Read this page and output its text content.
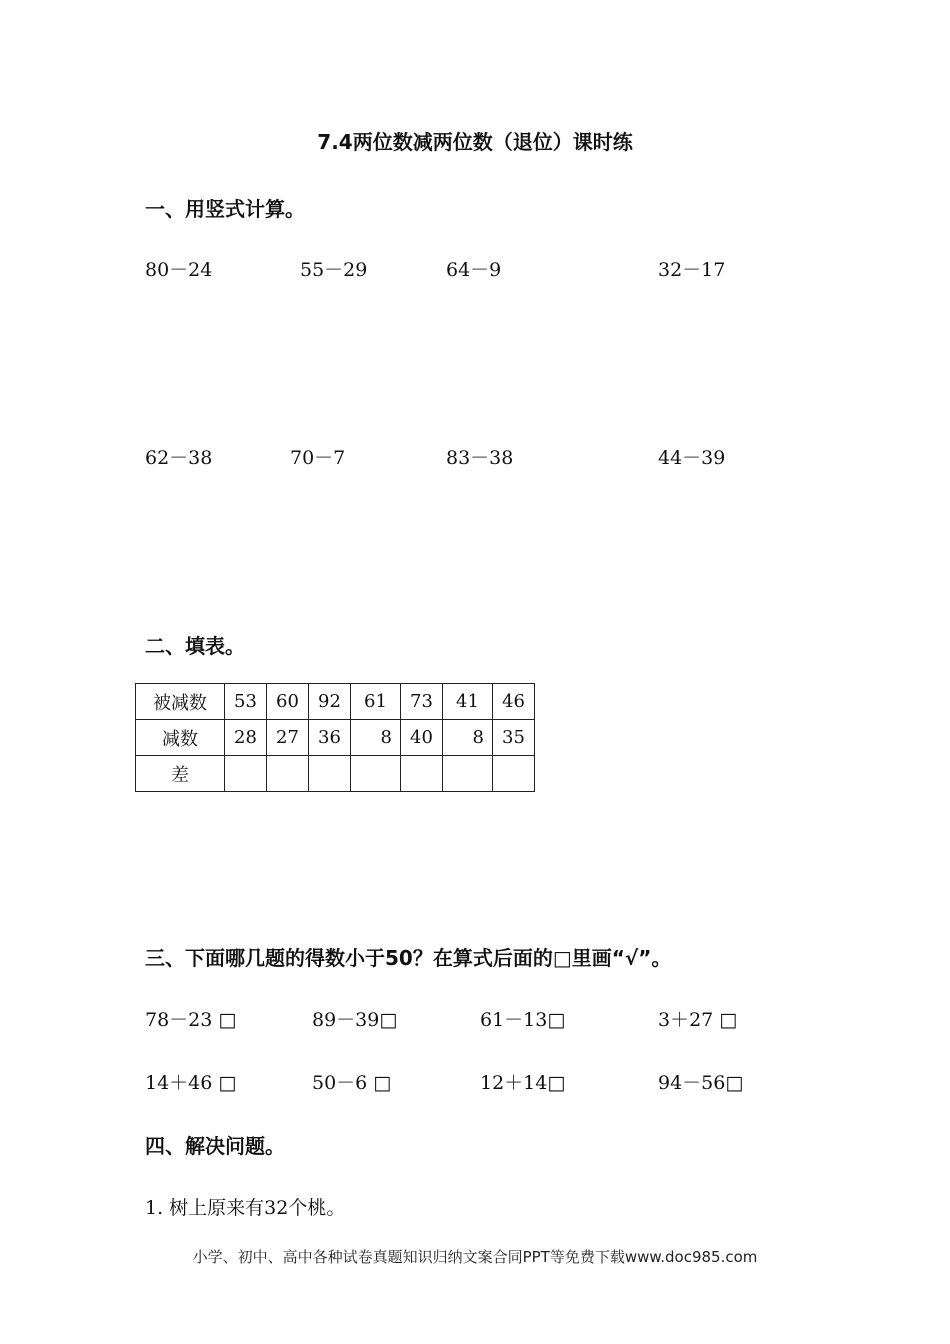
7.4两位数减两位数（退位）课时练
一、用竖式计算。
80－24	55－29	64－9	32－17
62－38	70－7	83－38	44－39
二、填表。
被减数	53	60	92	61	73	41	46
减数	28	27	36	8	40	8	35
差							
三、下面哪几题的得数小于50？在算式后面的□里画“√”。
78－23 □	89－39□	61－13□	3＋27 □
14＋46 □	50－6 □	12＋14□	94－56□
四、解决问题。
1. 树上原来有32个桃。
小学、初中、高中各种试卷真题知识归纳文案合同PPT等免费下载www.doc985.com
